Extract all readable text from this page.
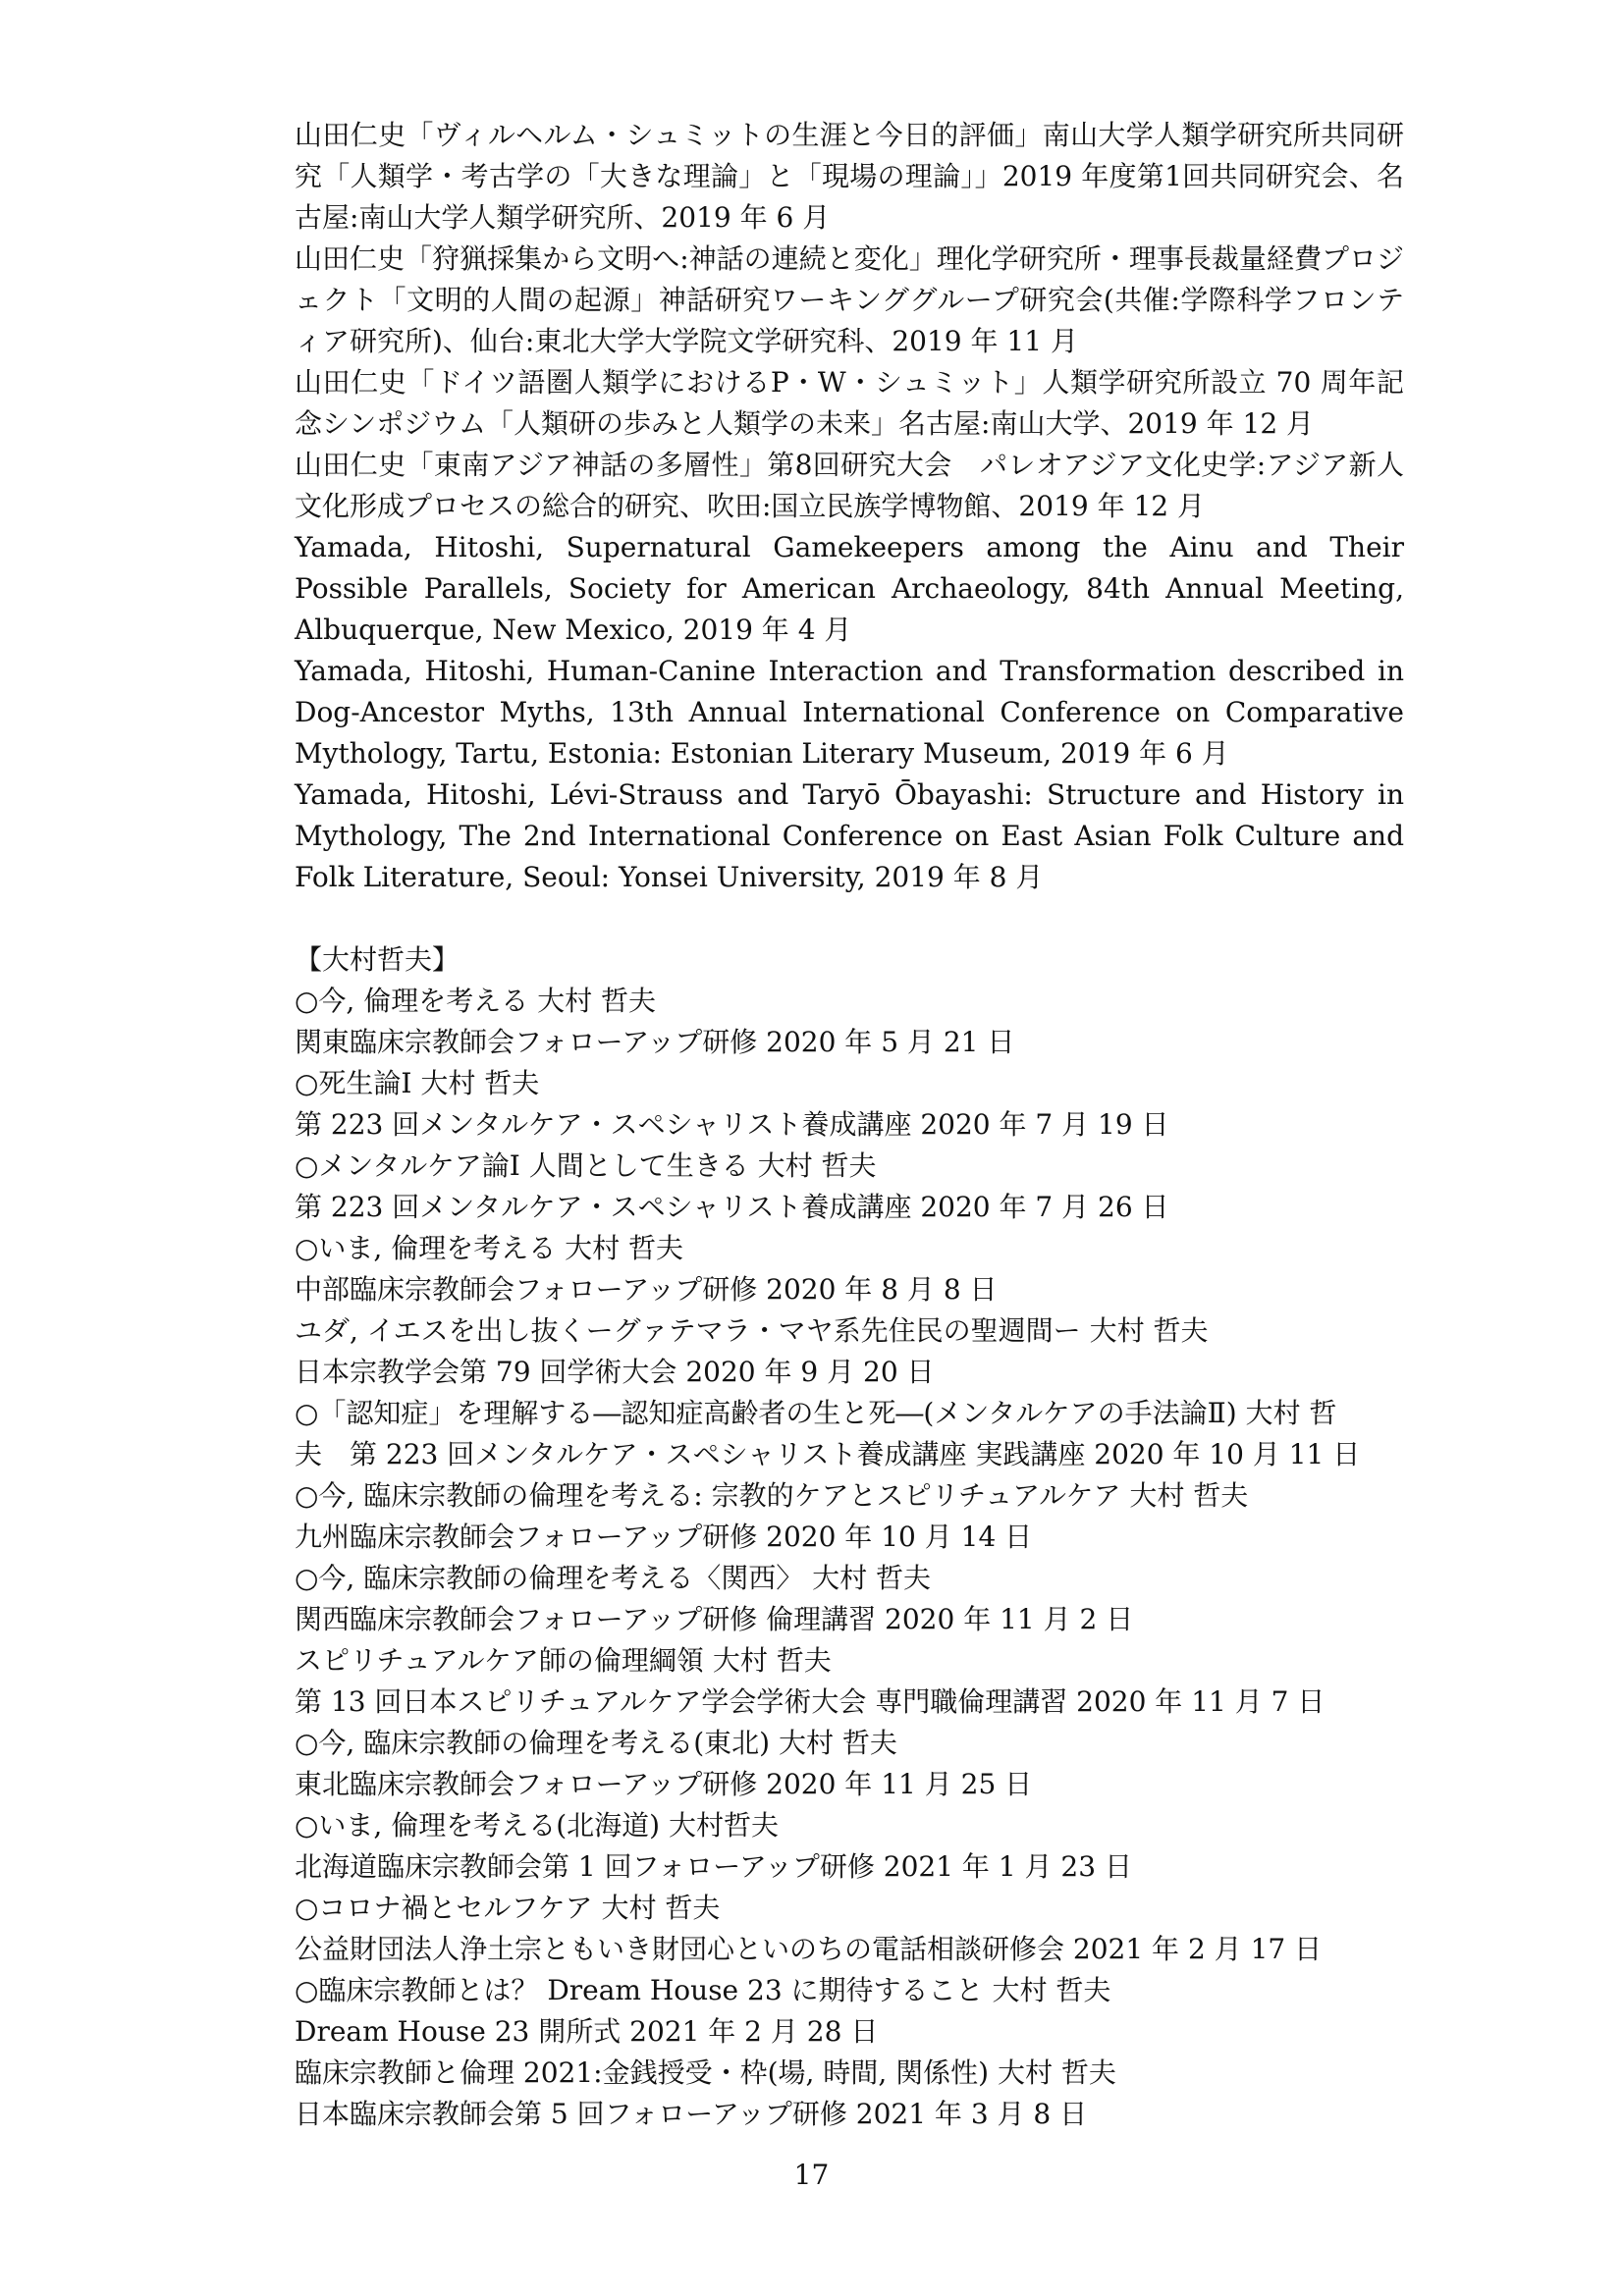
山田仁史「ヴィルヘルム・シュミットの生涯と今日的評価」南山大学人類学研究所共同研究「人類学・考古学の「大きな理論」と「現場の理論」」2019 年度第1回共同研究会、名古屋:南山大学人類学研究所、2019 年 6 月

山田仁史「狩猟採集から文明へ:神話の連続と変化」理化学研究所・理事長裁量経費プロジェクト「文明的人間の起源」神話研究ワーキンググループ研究会(共催:学際科学フロンティア研究所)、仙台:東北大学大学院文学研究科、2019 年 11 月

山田仁史「ドイツ語圏人類学におけるP・W・シュミット」人類学研究所設立 70 周年記念シンポジウム「人類研の歩みと人類学の未来」名古屋:南山大学、2019 年 12 月

山田仁史「東南アジア神話の多層性」第8回研究大会　パレオアジア文化史学:アジア新人文化形成プロセスの総合的研究、吹田:国立民族学博物館、2019 年 12 月

Yamada, Hitoshi, Supernatural Gamekeepers among the Ainu and Their Possible Parallels, Society for American Archaeology, 84th Annual Meeting, Albuquerque, New Mexico, 2019 年 4 月

Yamada, Hitoshi, Human-Canine Interaction and Transformation described in Dog-Ancestor Myths, 13th Annual International Conference on Comparative Mythology, Tartu, Estonia: Estonian Literary Museum, 2019 年 6 月

Yamada, Hitoshi, Lévi-Strauss and Taryō Ōbayashi: Structure and History in Mythology, The 2nd International Conference on East Asian Folk Culture and Folk Literature, Seoul: Yonsei University, 2019 年 8 月

【大村哲夫】

○今, 倫理を考える 大村 哲夫

関東臨床宗教師会フォローアップ研修 2020 年 5 月 21 日

○死生論Ⅰ 大村 哲夫

第 223 回メンタルケア・スペシャリスト養成講座 2020 年 7 月 19 日

○メンタルケア論Ⅰ 人間として生きる 大村 哲夫

第 223 回メンタルケア・スペシャリスト養成講座 2020 年 7 月 26 日

○いま, 倫理を考える 大村 哲夫

中部臨床宗教師会フォローアップ研修 2020 年 8 月 8 日

ユダ, イエスを出し抜くーグァテマラ・マヤ系先住民の聖週間ー 大村 哲夫

日本宗教学会第 79 回学術大会 2020 年 9 月 20 日

○「認知症」を理解する―認知症高齢者の生と死―(メンタルケアの手法論Ⅱ) 大村 哲

夫　第 223 回メンタルケア・スペシャリスト養成講座 実践講座 2020 年 10 月 11 日

○今, 臨床宗教師の倫理を考える: 宗教的ケアとスピリチュアルケア 大村 哲夫

九州臨床宗教師会フォローアップ研修 2020 年 10 月 14 日

○今, 臨床宗教師の倫理を考える〈関西〉 大村 哲夫

関西臨床宗教師会フォローアップ研修 倫理講習 2020 年 11 月 2 日

スピリチュアルケア師の倫理綱領 大村 哲夫

第 13 回日本スピリチュアルケア学会学術大会 専門職倫理講習 2020 年 11 月 7 日

○今, 臨床宗教師の倫理を考える(東北) 大村 哲夫

東北臨床宗教師会フォローアップ研修 2020 年 11 月 25 日

○いま, 倫理を考える(北海道) 大村哲夫

北海道臨床宗教師会第 1 回フォローアップ研修 2021 年 1 月 23 日

○コロナ禍とセルフケア 大村 哲夫

公益財団法人浄土宗ともいき財団心といのちの電話相談研修会 2021 年 2 月 17 日

○臨床宗教師とは？ Dream House 23 に期待すること 大村 哲夫

Dream House 23 開所式 2021 年 2 月 28 日

臨床宗教師と倫理 2021:金銭授受・枠(場, 時間, 関係性) 大村 哲夫

日本臨床宗教師会第 5 回フォローアップ研修 2021 年 3 月 8 日

17
